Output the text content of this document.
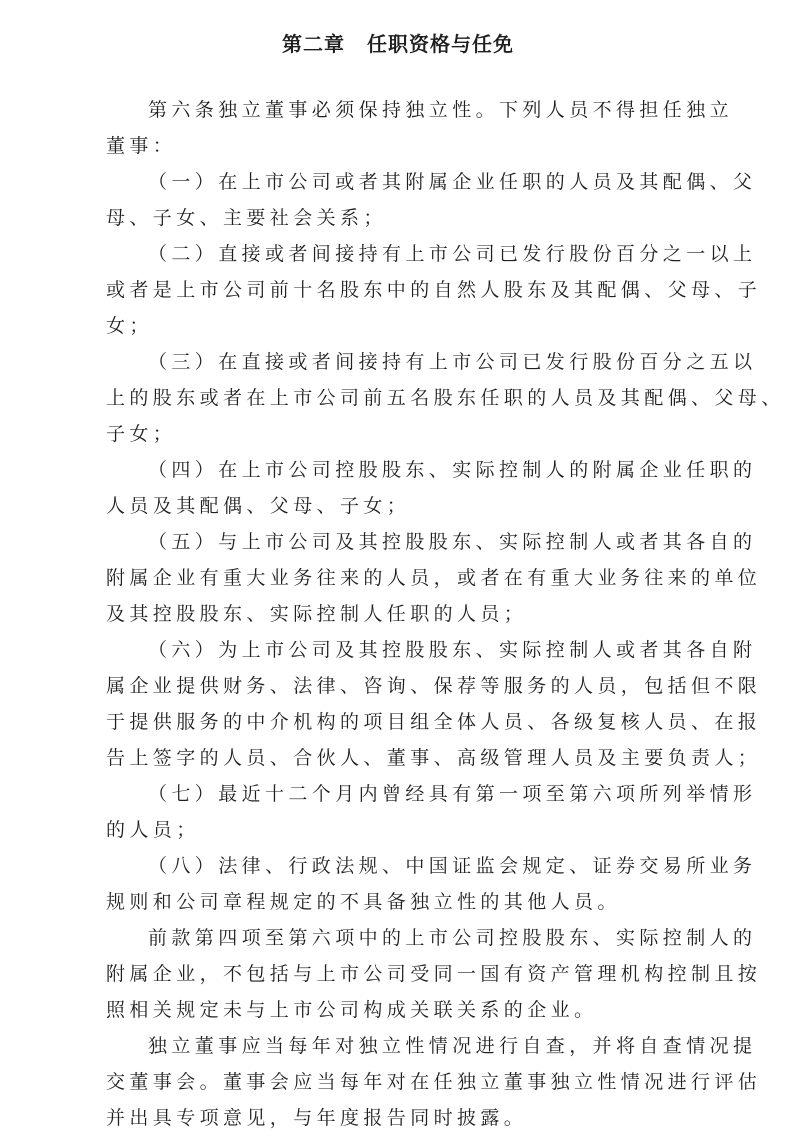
第二章 任职资格与任免
第六条独立董事必须保持独立性。下列人员不得担任独立
董事：
（一）在上市公司或者其附属企业任职的人员及其配偶、父
母、子女、主要社会关系；
（二）直接或者间接持有上市公司已发行股份百分之一以上
或者是上市公司前十名股东中的自然人股东及其配偶、父母、子
女；
（三）在直接或者间接持有上市公司已发行股份百分之五以
上的股东或者在上市公司前五名股东任职的人员及其配偶、父母、
子女；
（四）在上市公司控股股东、实际控制人的附属企业任职的
人员及其配偶、父母、子女；
（五）与上市公司及其控股股东、实际控制人或者其各自的
附属企业有重大业务往来的人员，或者在有重大业务往来的单位
及其控股股东、实际控制人任职的人员；
（六）为上市公司及其控股股东、实际控制人或者其各自附
属企业提供财务、法律、咨询、保荐等服务的人员，包括但不限
于提供服务的中介机构的项目组全体人员、各级复核人员、在报
告上签字的人员、合伙人、董事、高级管理人员及主要负责人；
（七）最近十二个月内曾经具有第一项至第六项所列举情形
的人员；
（八）法律、行政法规、中国证监会规定、证券交易所业务
规则和公司章程规定的不具备独立性的其他人员。
前款第四项至第六项中的上市公司控股股东、实际控制人的
附属企业，不包括与上市公司受同一国有资产管理机构控制且按
照相关规定未与上市公司构成关联关系的企业。
独立董事应当每年对独立性情况进行自查，并将自查情况提
交董事会。董事会应当每年对在任独立董事独立性情况进行评估
并出具专项意见，与年度报告同时披露。
